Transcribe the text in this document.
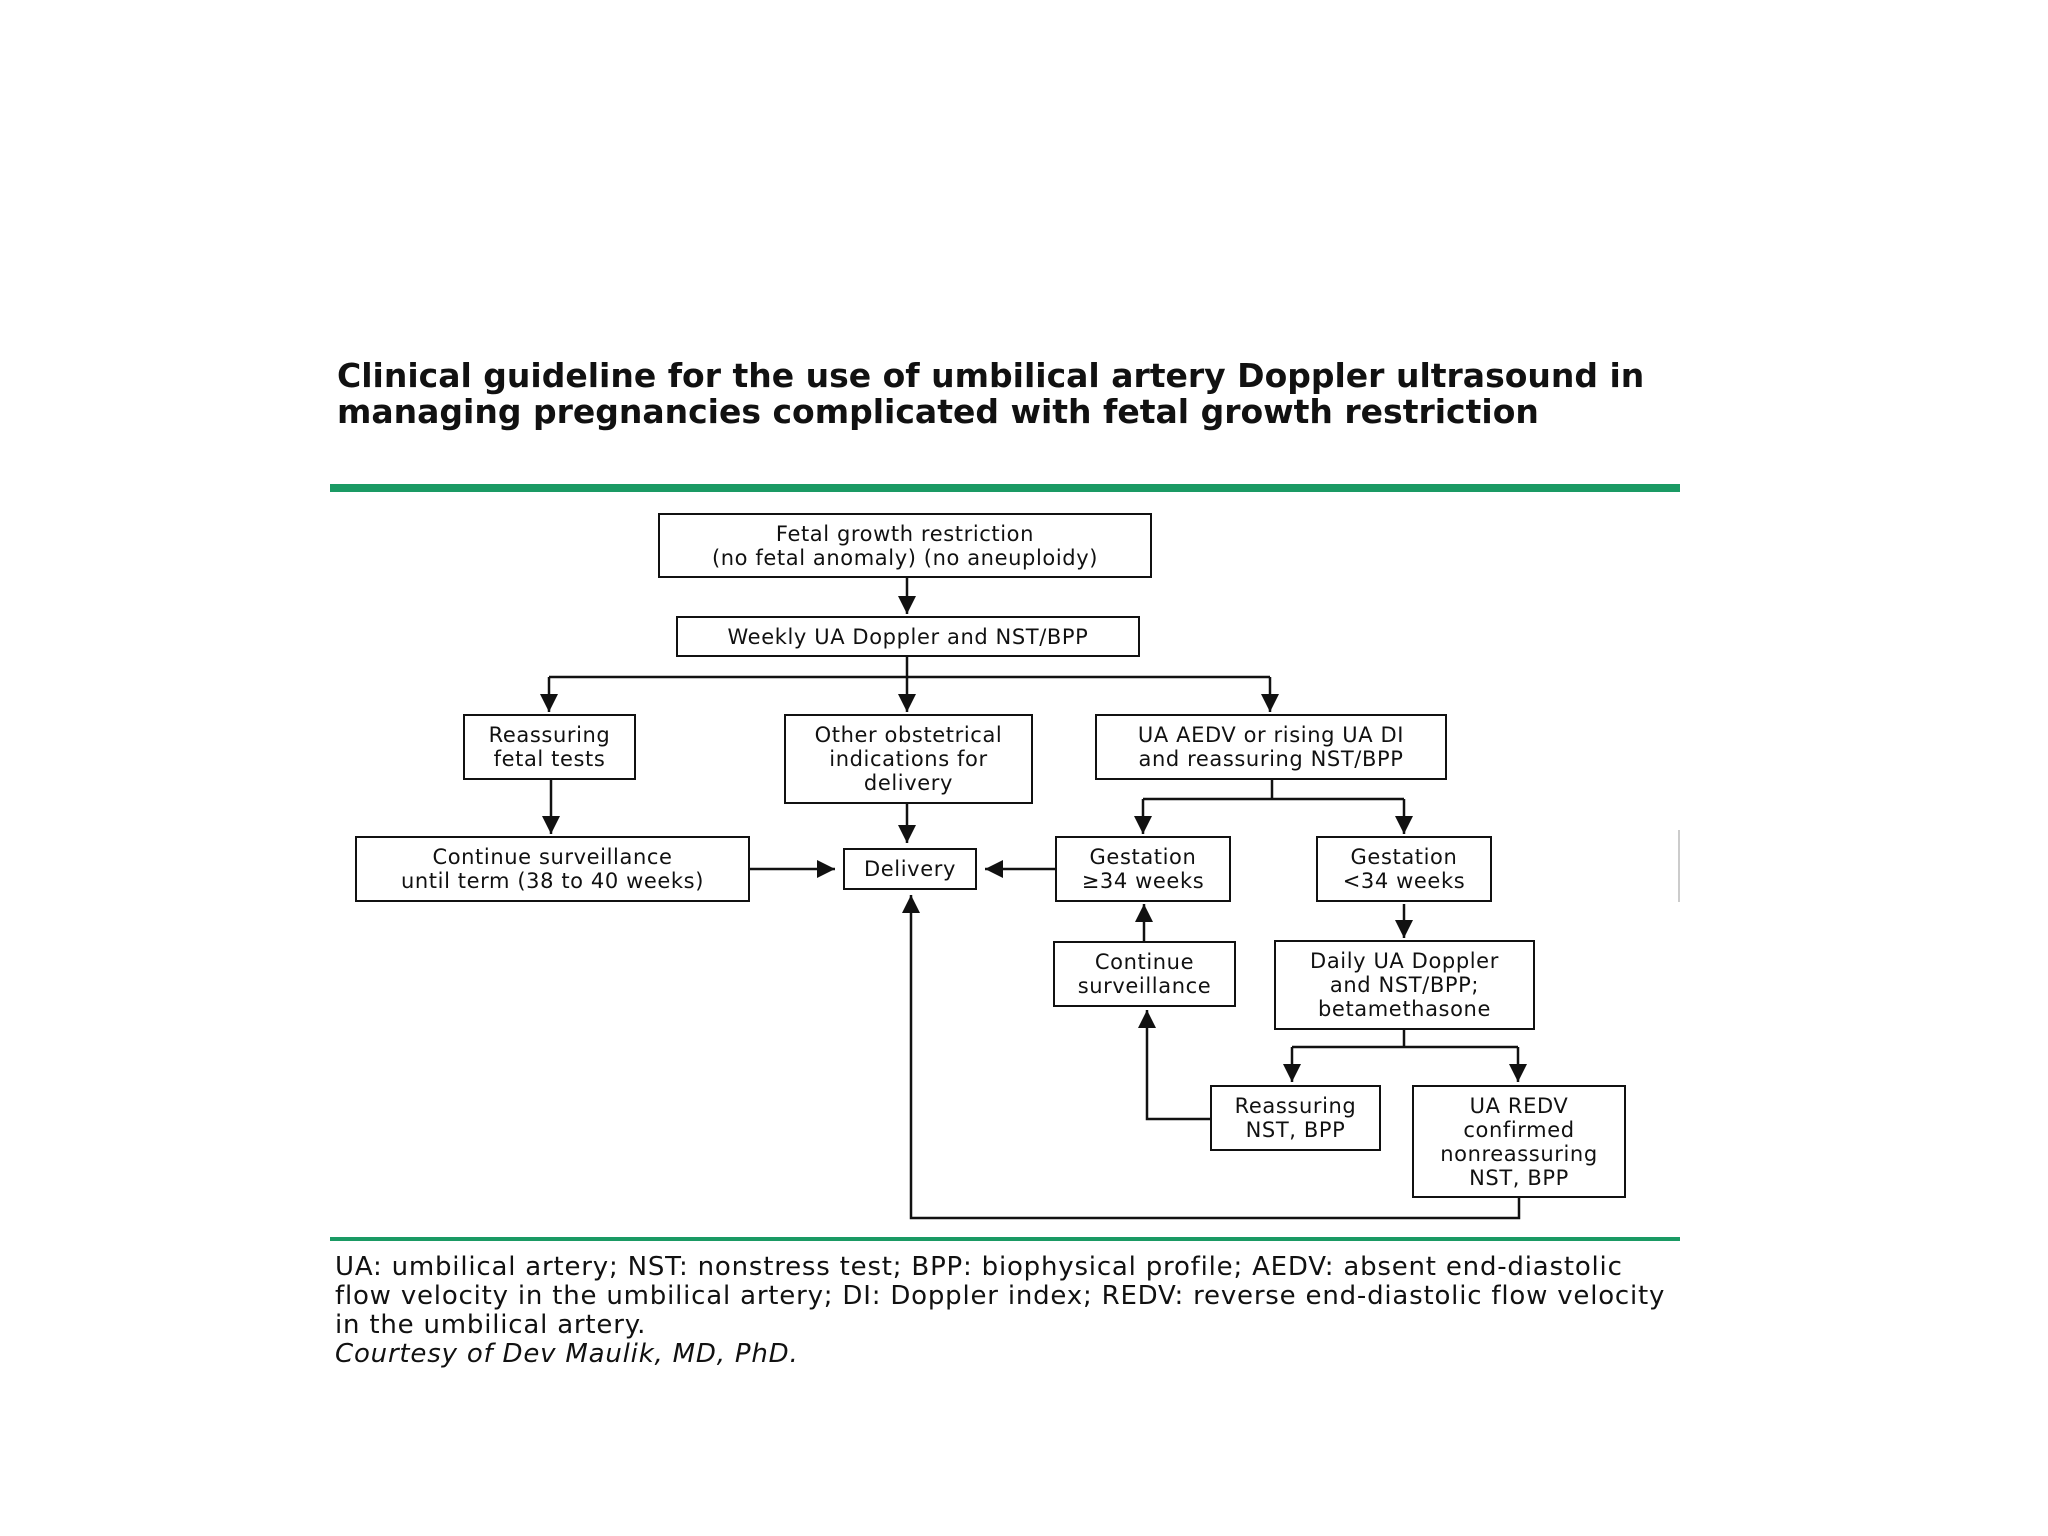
Clinical guideline for the use of umbilical artery Doppler ultrasound in managing pregnancies complicated with fetal growth restriction
Fetal growth restriction
(no fetal anomaly) (no aneuploidy)
Weekly UA Doppler and NST/BPP
Reassuring
fetal tests
Other obstetrical
indications for
delivery
UA AEDV or rising UA DI
and reassuring NST/BPP
Continue surveillance
until term (38 to 40 weeks)	Delivery	Gestation
≥34 weeks
Gestation
<34 weeks
Continue
surveillance
Daily UA Doppler
and NST/BPP;
betamethasone
Reassuring
NST, BPP
UA REDV
confirmed
nonreassuring
NST, BPP

UA: umbilical artery; NST: nonstress test; BPP: biophysical profile; AEDV: absent end-diastolic flow velocity in the umbilical artery; DI: Doppler index; REDV: reverse end-diastolic flow velocity in the umbilical artery.

Courtesy of Dev Maulik, MD, PhD.
